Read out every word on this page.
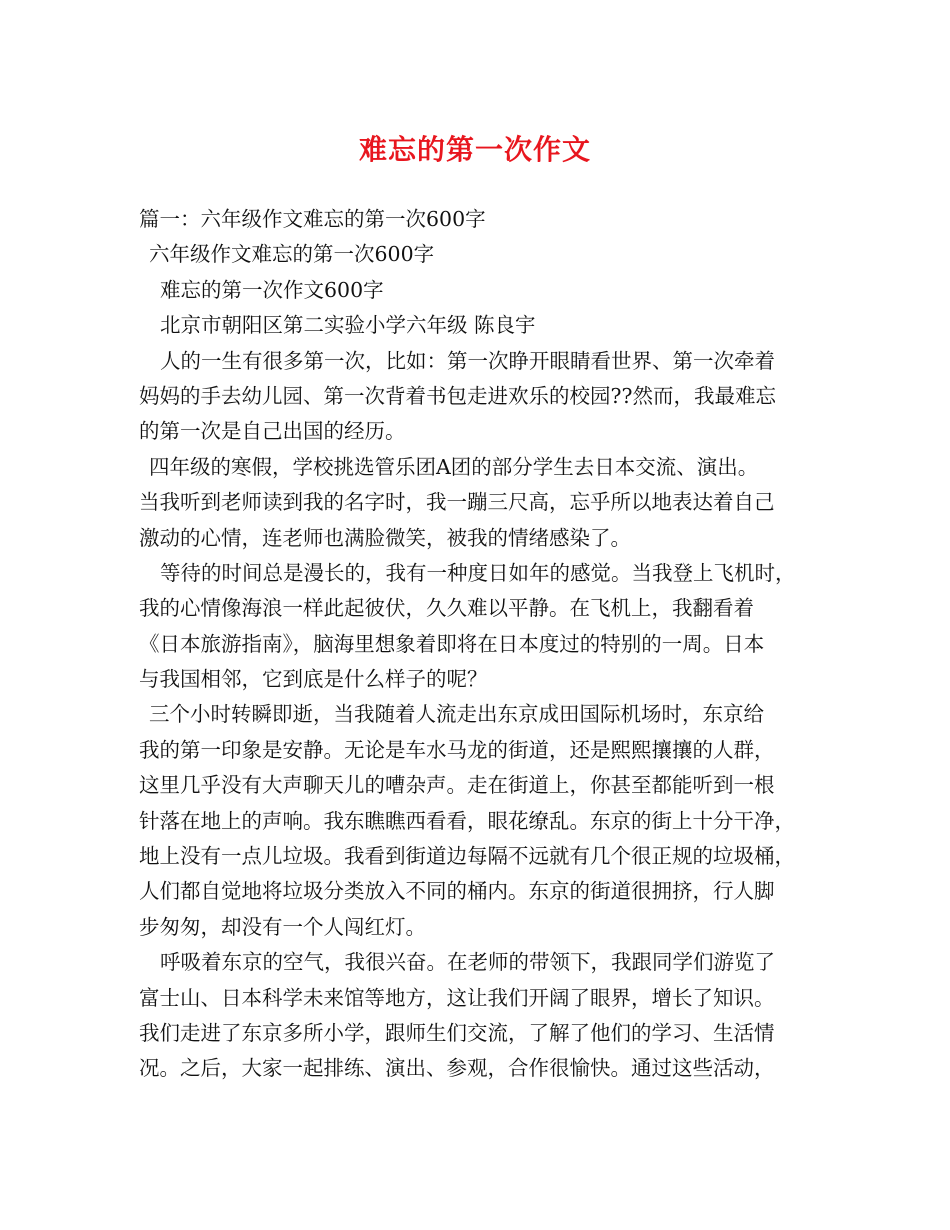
难忘的第一次作文
篇一：六年级作文难忘的第一次600字
六年级作文难忘的第一次600字
难忘的第一次作文600字
北京市朝阳区第二实验小学六年级 陈良宇
人的一生有很多第一次，比如：第一次睁开眼睛看世界、第一次牵着
妈妈的手去幼儿园、第一次背着书包走进欢乐的校园??然而，我最难忘
的第一次是自己出国的经历。
四年级的寒假，学校挑选管乐团A团的部分学生去日本交流、演出。
当我听到老师读到我的名字时，我一蹦三尺高，忘乎所以地表达着自己
激动的心情，连老师也满脸微笑，被我的情绪感染了。
等待的时间总是漫长的，我有一种度日如年的感觉。当我登上飞机时，
我的心情像海浪一样此起彼伏，久久难以平静。在飞机上，我翻看着
《日本旅游指南》，脑海里想象着即将在日本度过的特别的一周。日本
与我国相邻，它到底是什么样子的呢？
三个小时转瞬即逝，当我随着人流走出东京成田国际机场时，东京给
我的第一印象是安静。无论是车水马龙的街道，还是熙熙攘攘的人群，
这里几乎没有大声聊天儿的嘈杂声。走在街道上，你甚至都能听到一根
针落在地上的声响。我东瞧瞧西看看，眼花缭乱。东京的街上十分干净，
地上没有一点儿垃圾。我看到街道边每隔不远就有几个很正规的垃圾桶，
人们都自觉地将垃圾分类放入不同的桶内。东京的街道很拥挤，行人脚
步匆匆，却没有一个人闯红灯。
呼吸着东京的空气，我很兴奋。在老师的带领下，我跟同学们游览了
富士山、日本科学未来馆等地方，这让我们开阔了眼界，增长了知识。
我们走进了东京多所小学，跟师生们交流，了解了他们的学习、生活情
况。之后，大家一起排练、演出、参观，合作很愉快。通过这些活动，
